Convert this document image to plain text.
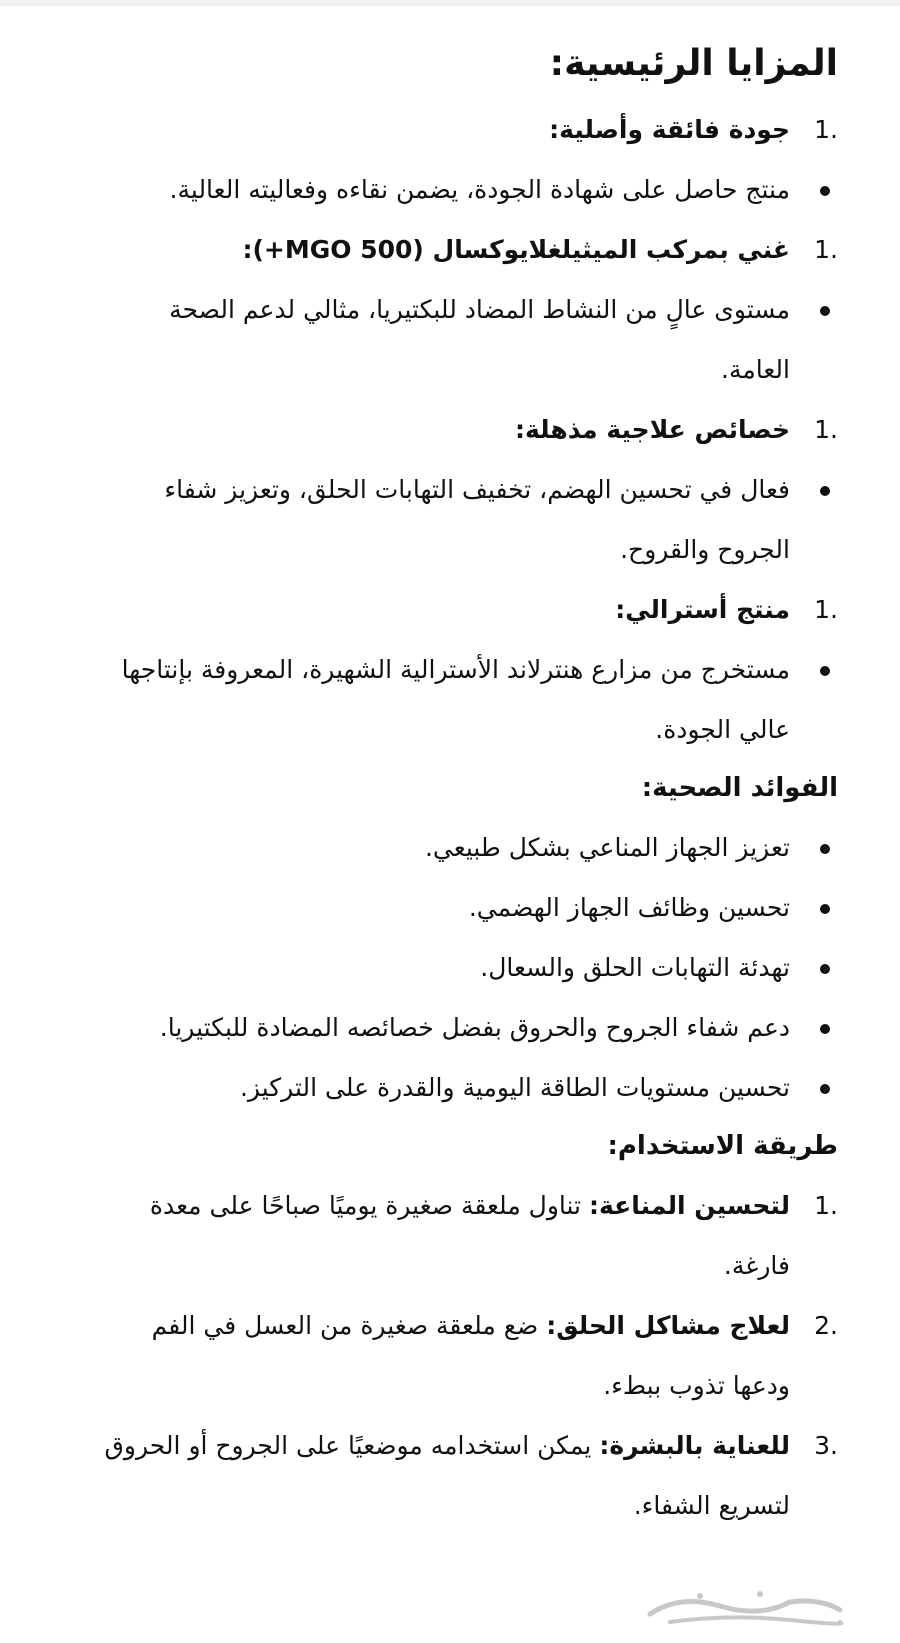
المزايا الرئيسية:
1.
جودة فائقة وأصلية:
منتج حاصل على شهادة الجودة، يضمن نقاءه وفعاليته العالية.
1.
غني بمركب الميثيلغلايوكسال (MGO 500+):
مستوى عالٍ من النشاط المضاد للبكتيريا، مثالي لدعم الصحة العامة.
1.
خصائص علاجية مذهلة:
فعال في تحسين الهضم، تخفيف التهابات الحلق، وتعزيز شفاء الجروح والقروح.
1.
منتج أسترالي:
مستخرج من مزارع هنترلاند الأسترالية الشهيرة، المعروفة بإنتاجها عالي الجودة.
الفوائد الصحية:
تعزيز الجهاز المناعي بشكل طبيعي.
تحسين وظائف الجهاز الهضمي.
تهدئة التهابات الحلق والسعال.
دعم شفاء الجروح والحروق بفضل خصائصه المضادة للبكتيريا.
تحسين مستويات الطاقة اليومية والقدرة على التركيز.
طريقة الاستخدام:
1.
لتحسين المناعة: تناول ملعقة صغيرة يوميًا صباحًا على معدة فارغة.
2.
لعلاج مشاكل الحلق: ضع ملعقة صغيرة من العسل في الفم ودعها تذوب ببطء.
3.
للعناية بالبشرة: يمكن استخدامه موضعيًا على الجروح أو الحروق لتسريع الشفاء.
